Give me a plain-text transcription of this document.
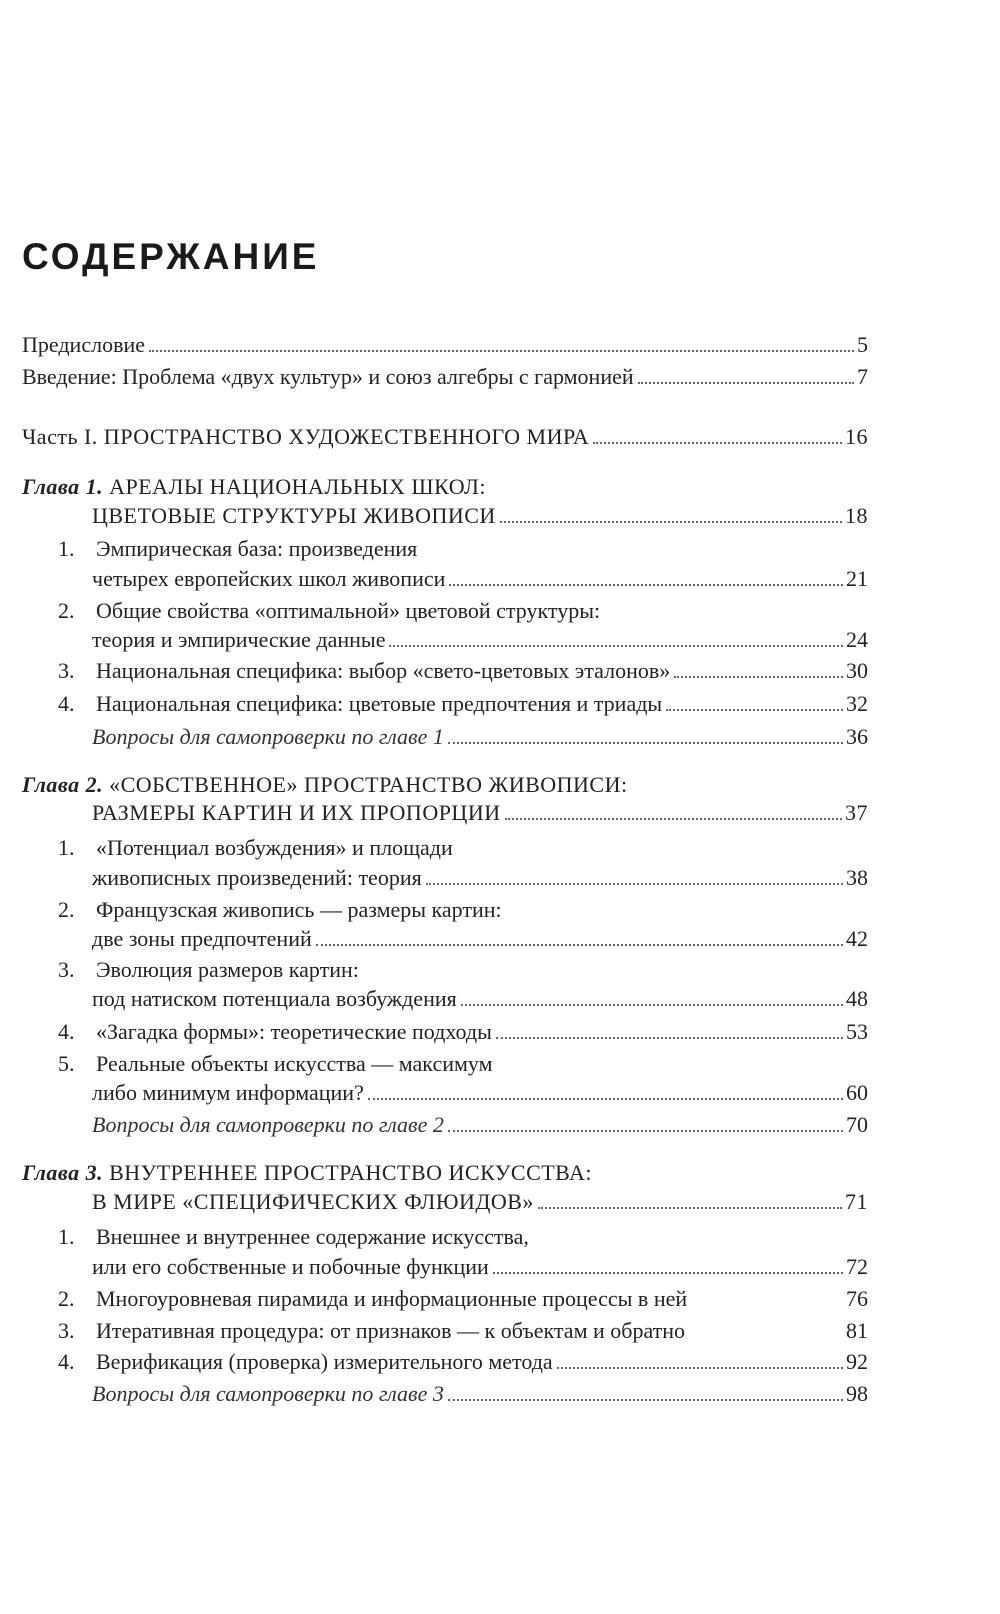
СОДЕРЖАНИЕ
Предисловие	5
Введение: Проблема «двух культур» и союз алгебры с гармонией	7
Часть I. ПРОСТРАНСТВО ХУДОЖЕСТВЕННОГО МИРА	16
Глава 1. АРЕАЛЫ НАЦИОНАЛЬНЫХ ШКОЛ:
ЦВЕТОВЫЕ СТРУКТУРЫ ЖИВОПИСИ	18
1. Эмпирическая база: произведения
четырех европейских школ живописи	21
2. Общие свойства «оптимальной» цветовой структуры:
теория и эмпирические данные	24
3. Национальная специфика: выбор «свето-цветовых эталонов»	30
4. Национальная специфика: цветовые предпочтения и триады	32
Вопросы для самопроверки по главе 1	36
Глава 2. «СОБСТВЕННОЕ» ПРОСТРАНСТВО ЖИВОПИСИ:
РАЗМЕРЫ КАРТИН И ИХ ПРОПОРЦИИ	37
1. «Потенциал возбуждения» и площади
живописных произведений: теория	38
2. Французская живопись — размеры картин:
две зоны предпочтений	42
3. Эволюция размеров картин:
под натиском потенциала возбуждения	48
4. «Загадка формы»: теоретические подходы	53
5. Реальные объекты искусства — максимум
либо минимум информации?	60
Вопросы для самопроверки по главе 2	70
Глава 3. ВНУТРЕННЕЕ ПРОСТРАНСТВО ИСКУССТВА:
В МИРЕ «СПЕЦИФИЧЕСКИХ ФЛЮИДОВ»	71
1. Внешнее и внутреннее содержание искусства,
или его собственные и побочные функции	72
2. Многоуровневая пирамида и информационные процессы в ней	76
3. Итеративная процедура: от признаков — к объектам и обратно	81
4. Верификация (проверка) измерительного метода	92
Вопросы для самопроверки по главе 3	98
